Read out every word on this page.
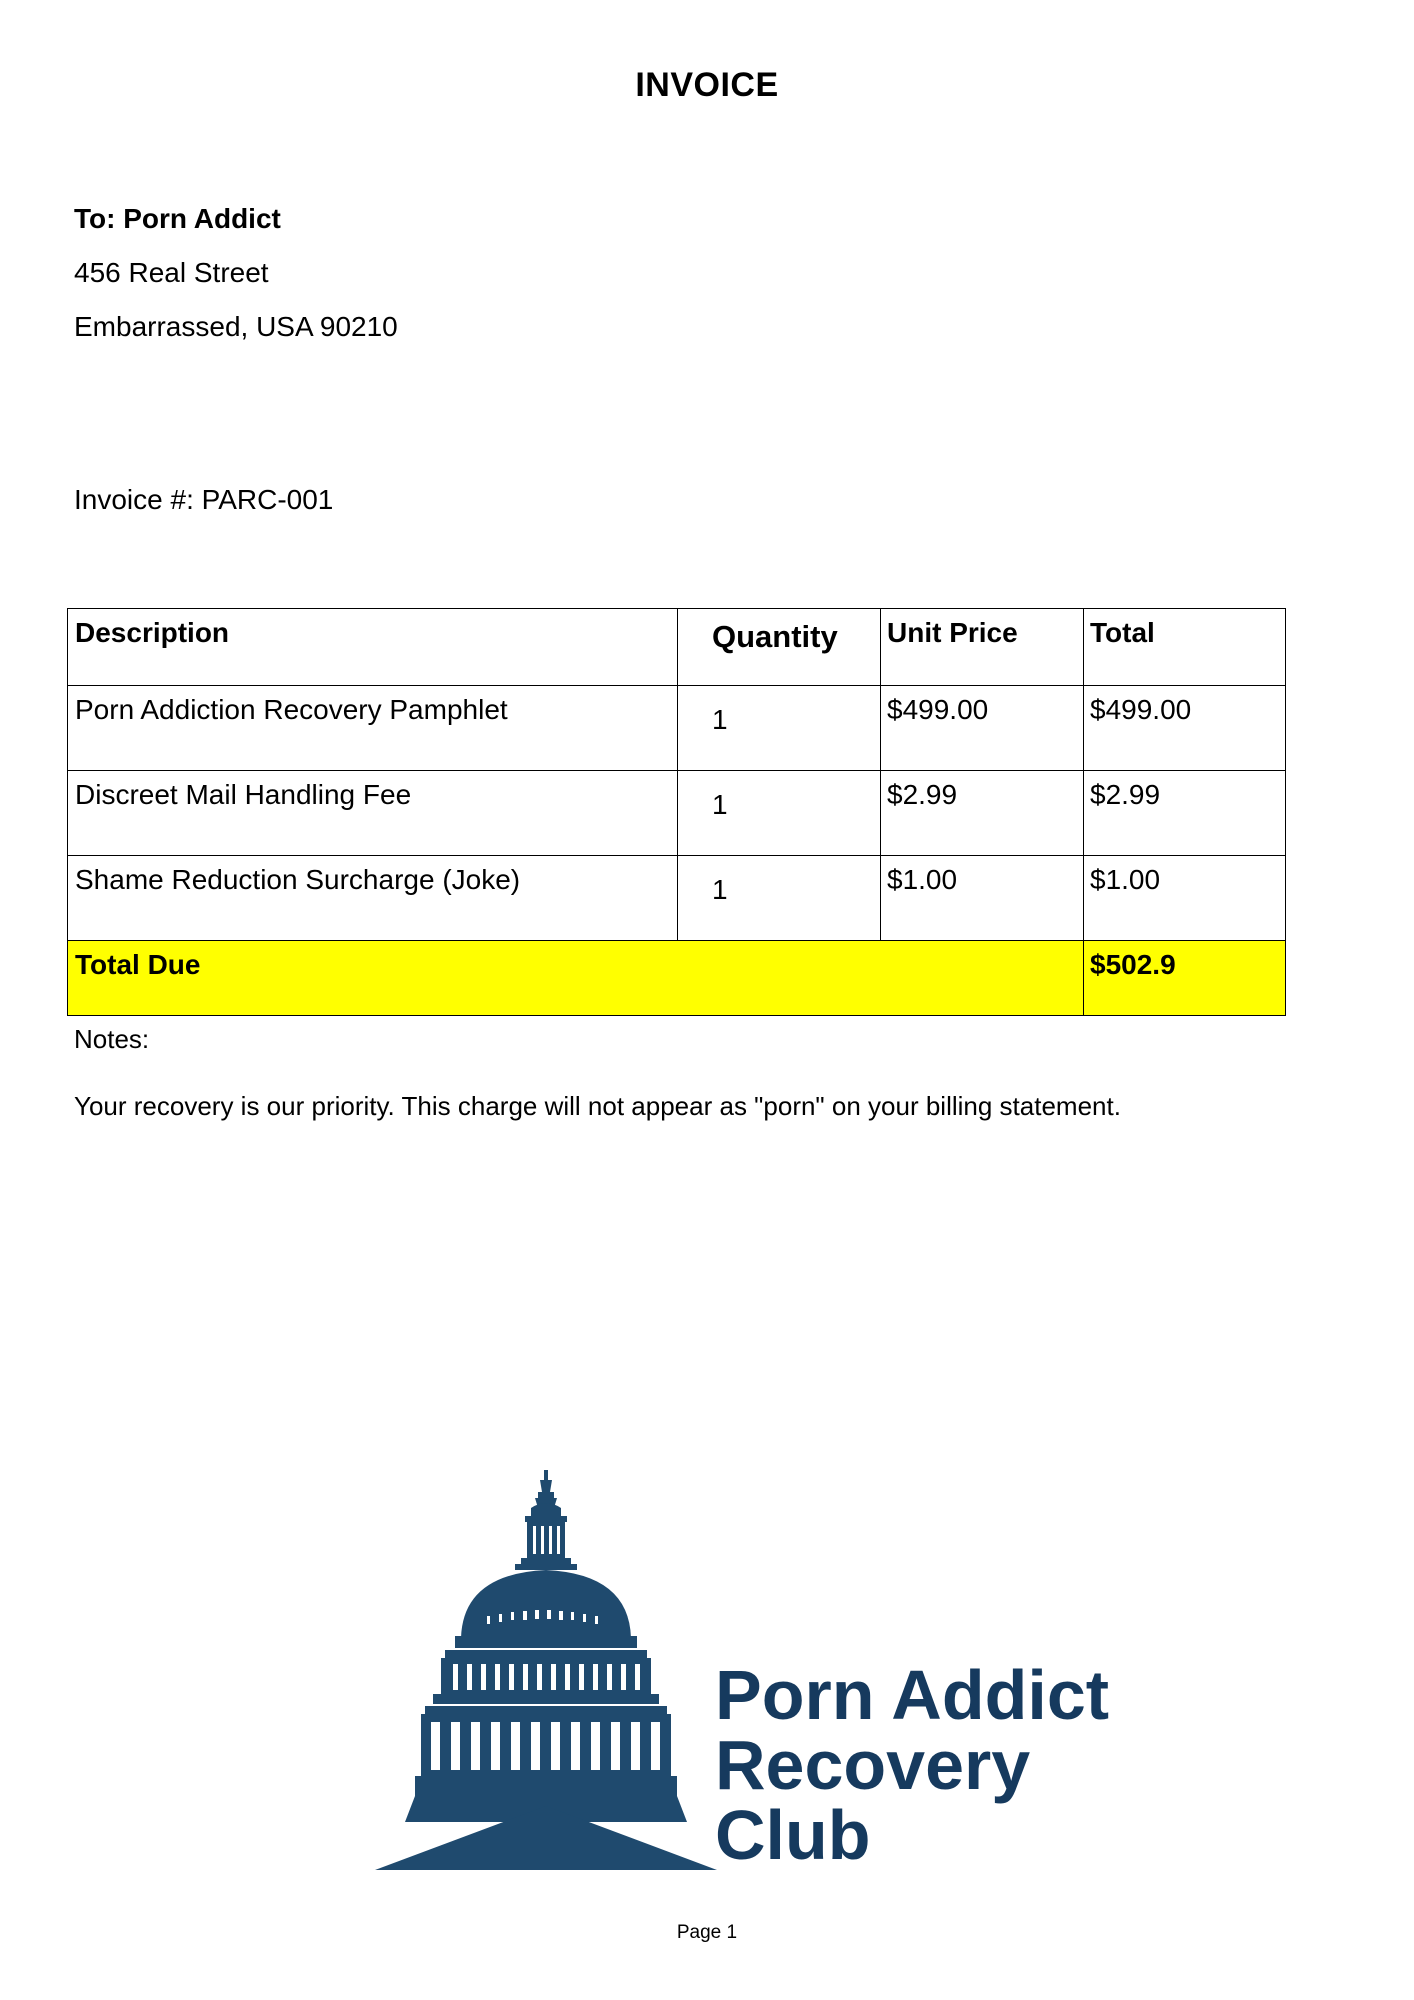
INVOICE
To: Porn Addict
456 Real Street
Embarrassed, USA 90210
Invoice #: PARC-001
Description	Quantity	Unit Price	Total
Porn Addiction Recovery Pamphlet	1	$499.00	$499.00
Discreet Mail Handling Fee	1	$2.99	$2.99
Shame Reduction Surcharge (Joke)	1	$1.00	$1.00
Total Due			$502.9
Notes:
Your recovery is our priority. This charge will not appear as "porn" on your billing statement.
Porn Addict
Recovery
Club
Page 1
